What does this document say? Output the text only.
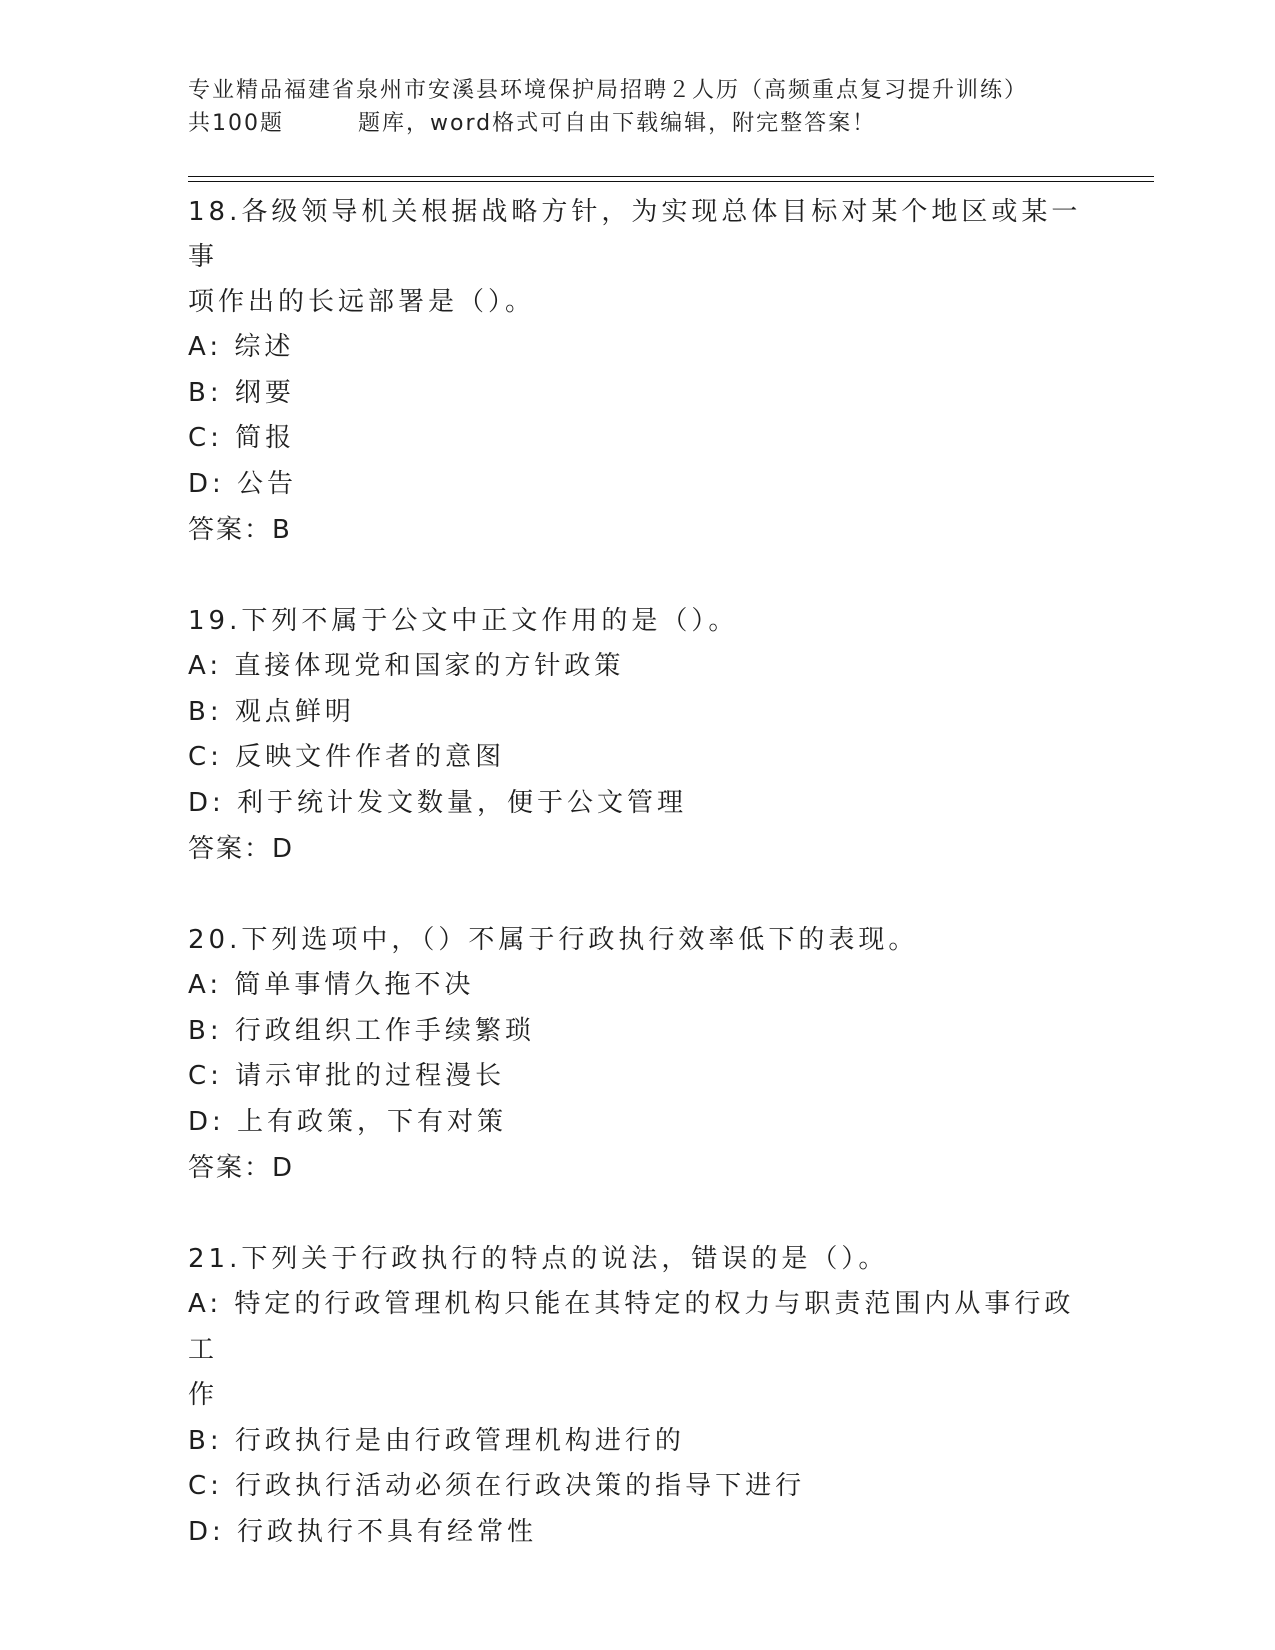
专业精品福建省泉州市安溪县环境保护局招聘２人历（高频重点复习提升训练）
共100题	题库，word格式可自由下载编辑，附完整答案！

18.各级领导机关根据战略方针，为实现总体目标对某个地区或某一事

项作出的长远部署是（）。

A: 综述

B: 纲要

C: 简报

D: 公告

答案：B

19.下列不属于公文中正文作用的是（）。

A: 直接体现党和国家的方针政策

B: 观点鲜明

C: 反映文件作者的意图

D: 利于统计发文数量，便于公文管理

答案：D

20.下列选项中，（）不属于行政执行效率低下的表现。

A: 简单事情久拖不决

B: 行政组织工作手续繁琐

C: 请示审批的过程漫长

D: 上有政策，下有对策

答案：D

21.下列关于行政执行的特点的说法，错误的是（）。

A: 特定的行政管理机构只能在其特定的权力与职责范围内从事行政工

作

B: 行政执行是由行政管理机构进行的

C: 行政执行活动必须在行政决策的指导下进行

D: 行政执行不具有经常性
